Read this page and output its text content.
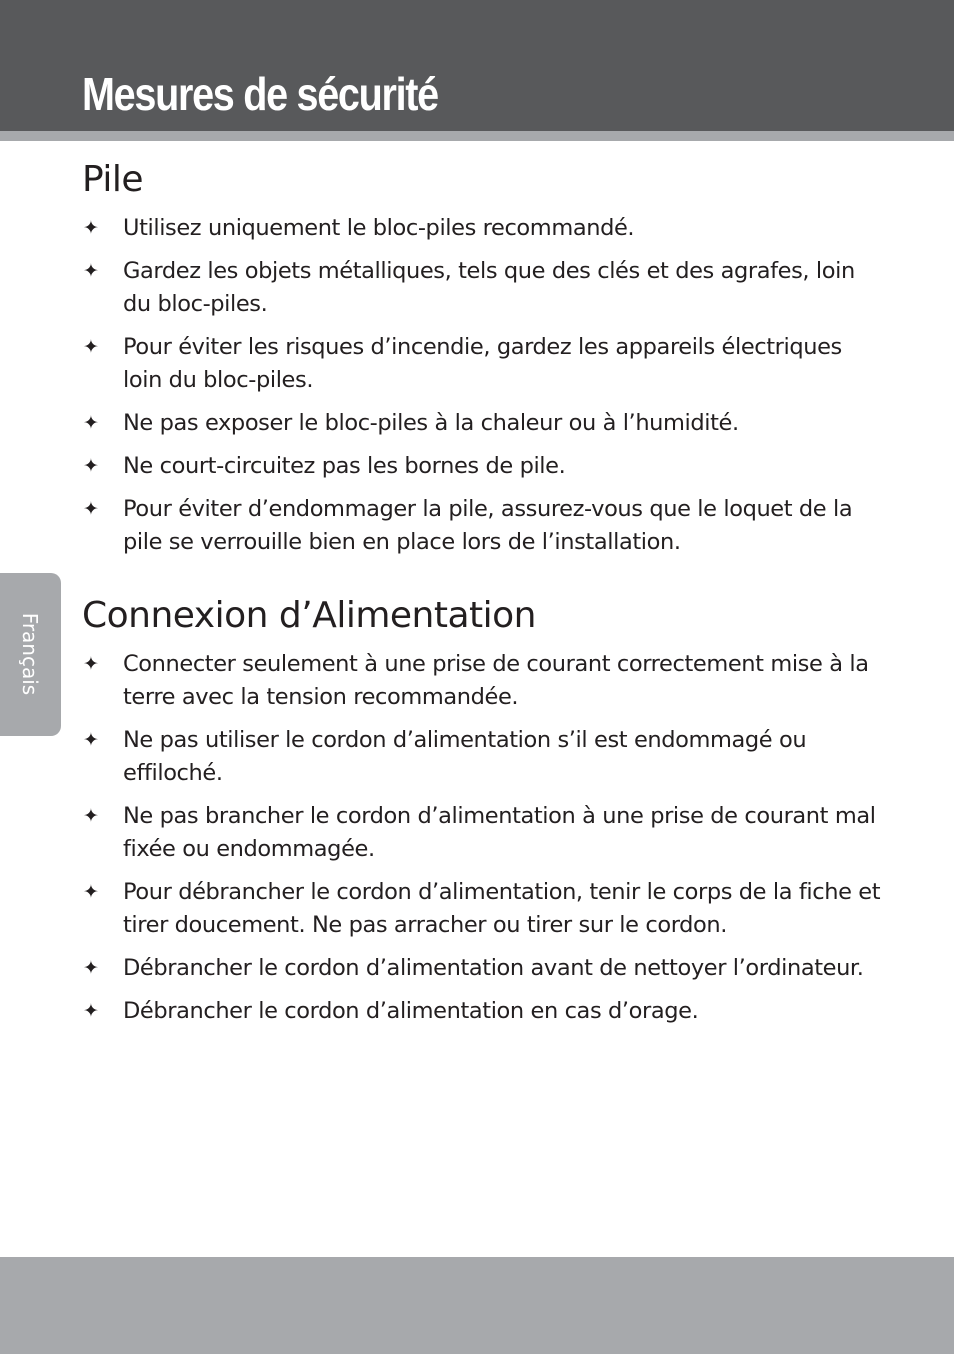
Mesures de sécurité
Français
Pile
✦ Utilisez uniquement le bloc-piles recommandé.
✦ Gardez les objets métalliques, tels que des clés et des agrafes, loin du bloc-piles.
✦ Pour éviter les risques d’incendie, gardez les appareils électriques loin du bloc-piles.
✦ Ne pas exposer le bloc-piles à la chaleur ou à l’humidité.
✦ Ne court-circuitez pas les bornes de pile.
✦ Pour éviter d’endommager la pile, assurez-vous que le loquet de la pile se verrouille bien en place lors de l’installation.
Connexion d’Alimentation
✦ Connecter seulement à une prise de courant correctement mise à la terre avec la tension recommandée.
✦ Ne pas utiliser le cordon d’alimentation s’il est endommagé ou effiloché.
✦ Ne pas brancher le cordon d’alimentation à une prise de courant mal fixée ou endommagée.
✦ Pour débrancher le cordon d’alimentation, tenir le corps de la fiche et tirer doucement. Ne pas arracher ou tirer sur le cordon.
✦ Débrancher le cordon d’alimentation avant de nettoyer l’ordinateur.
✦ Débrancher le cordon d’alimentation en cas d’orage.
